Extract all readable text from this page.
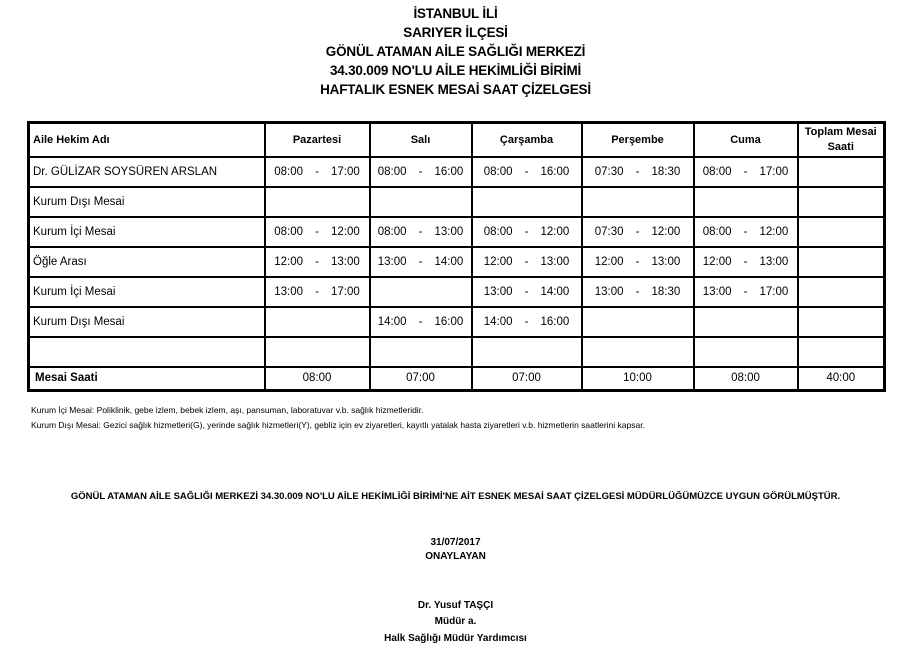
İSTANBUL İLİ
SARIYER İLÇESİ
GÖNÜL ATAMAN AİLE SAĞLIĞI MERKEZİ
34.30.009 NO'LU AİLE HEKİMLİĞİ BİRİMİ
HAFTALIK ESNEK MESAİ SAAT ÇİZELGESİ
Aile Hekim Adı	Pazartesi	Salı	Çarşamba	Perşembe	Cuma	Toplam Mesai Saati
Dr. GÜLİZAR SOYSÜREN ARSLAN	08:00 - 17:00	08:00 - 16:00	08:00 - 16:00	07:30 - 18:30	08:00 - 17:00	
Kurum Dışı Mesai						
Kurum İçi Mesai	08:00 - 12:00	08:00 - 13:00	08:00 - 12:00	07:30 - 12:00	08:00 - 12:00	
Öğle Arası	12:00 - 13:00	13:00 - 14:00	12:00 - 13:00	12:00 - 13:00	12:00 - 13:00	
Kurum İçi Mesai	13:00 - 17:00		13:00 - 14:00	13:00 - 18:30	13:00 - 17:00	
Kurum Dışı Mesai		14:00 - 16:00	14:00 - 16:00			

Mesai Saati	08:00	07:00	07:00	10:00	08:00	40:00
Kurum İçi Mesai: Poliklinik, gebe izlem, bebek izlem, aşı, pansuman, laboratuvar v.b. sağlık hizmetleridir.
Kurum Dışı Mesai: Gezici sağlık hizmetleri(G), yerinde sağlık hizmetleri(Y), gebliz için ev ziyaretleri, kayıtlı yatalak hasta ziyaretleri v.b. hizmetlerin saatlerini kapsar.
GÖNÜL ATAMAN AİLE SAĞLIĞI MERKEZİ 34.30.009 NO'LU AİLE HEKİMLİĞİ BİRİMİ'NE AİT ESNEK MESAİ SAAT ÇİZELGESİ MÜDÜRLÜĞÜMÜZCE UYGUN GÖRÜLMÜŞTÜR.
31/07/2017
ONAYLAYAN
Dr. Yusuf TAŞÇI
Müdür a.
Halk Sağlığı Müdür Yardımcısı
